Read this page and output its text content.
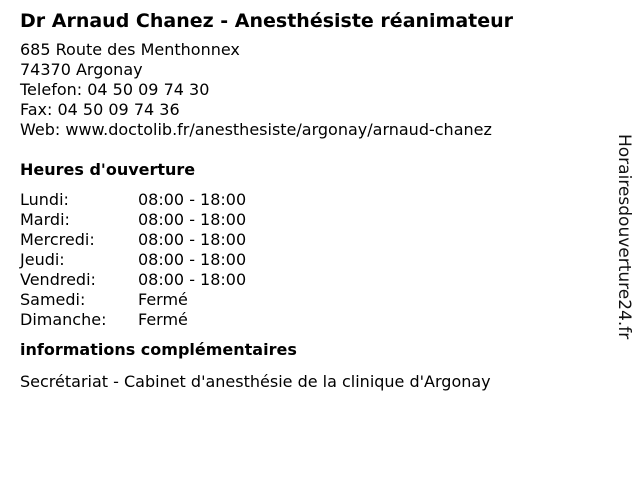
Dr Arnaud Chanez - Anesthésiste réanimateur
685 Route des Menthonnex
74370 Argonay
Telefon: 04 50 09 74 30
Fax: 04 50 09 74 36
Web: www.doctolib.fr/anesthesiste/argonay/arnaud-chanez
Heures d'ouverture
Lundi:	08:00 - 18:00
Mardi:	08:00 - 18:00
Mercredi:	08:00 - 18:00
Jeudi:	08:00 - 18:00
Vendredi:	08:00 - 18:00
Samedi:	Fermé
Dimanche:	Fermé
informations complémentaires
Secrétariat - Cabinet d'anesthésie de la clinique d'Argonay
Horairesdouverture24.fr
